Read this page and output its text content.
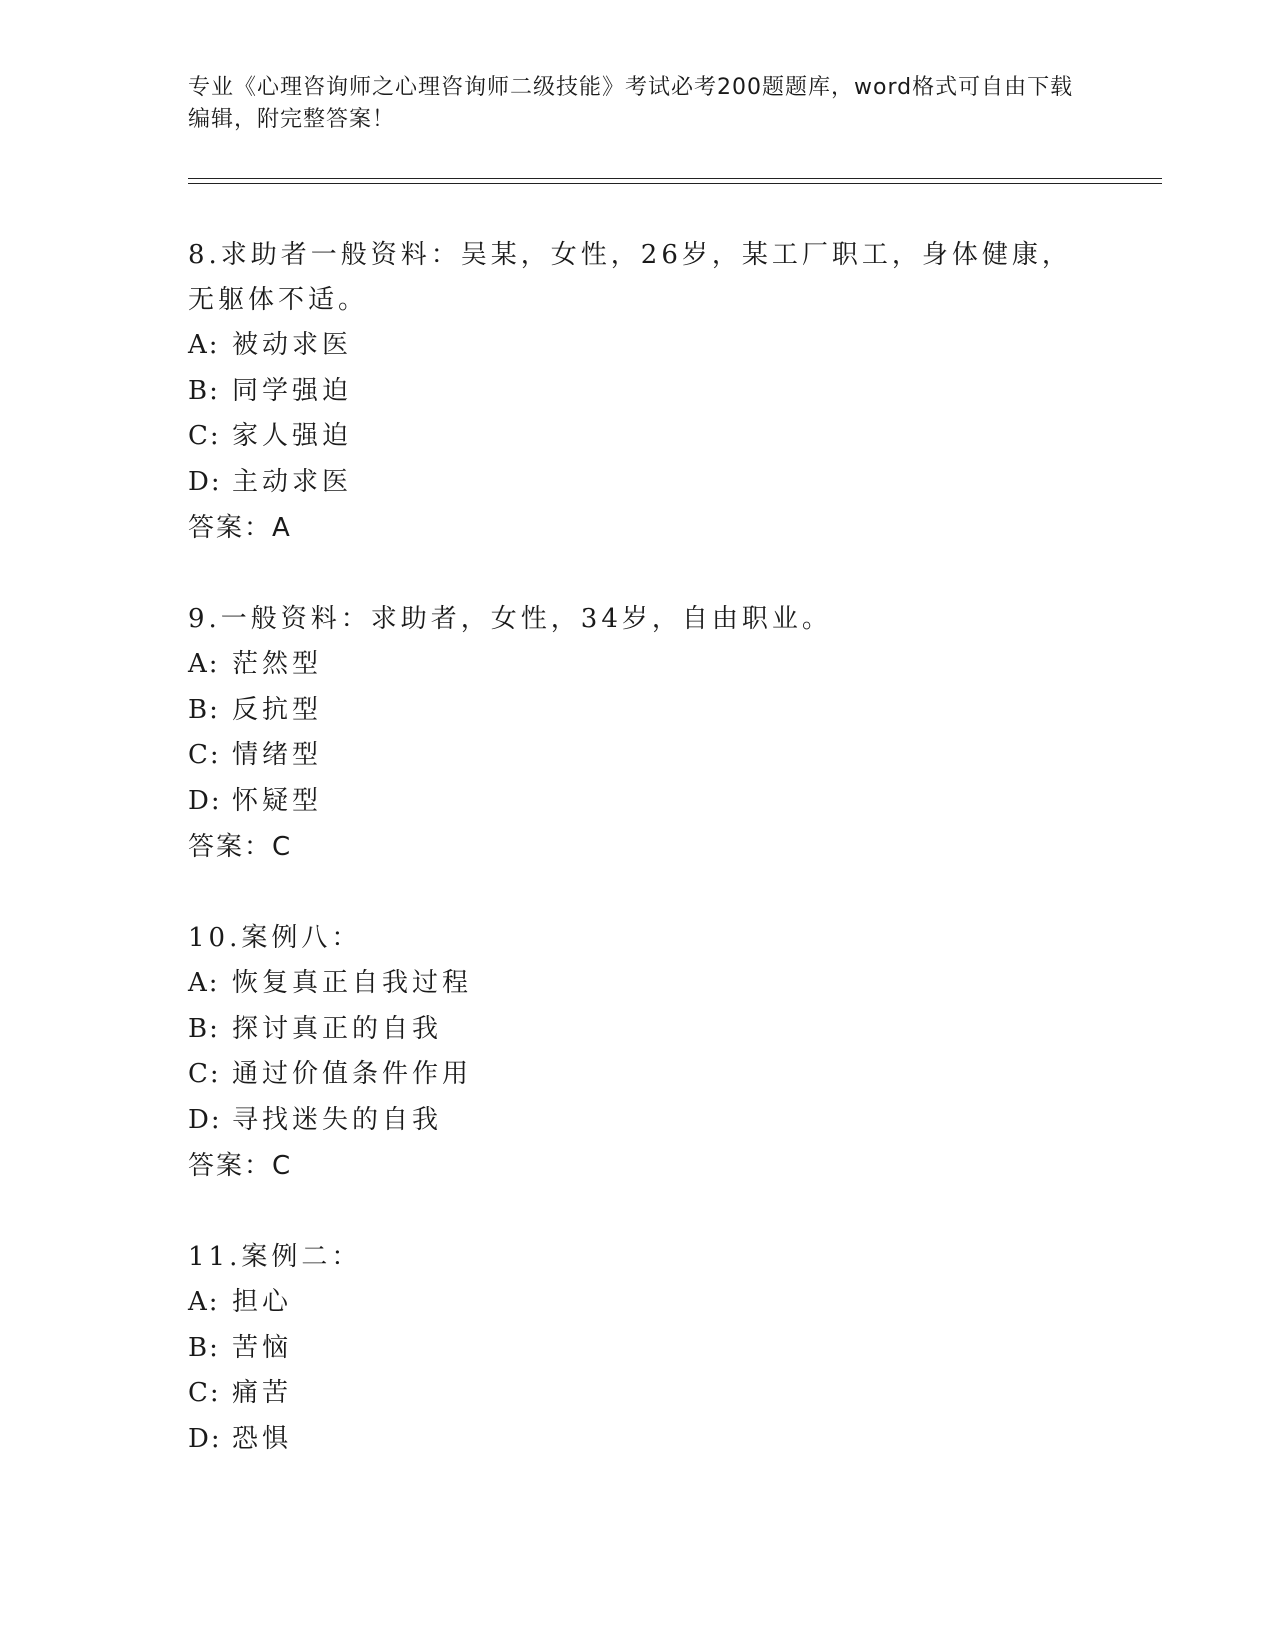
专业《心理咨询师之心理咨询师二级技能》考试必考200题题库，word格式可自由下载编辑，附完整答案！
8.求助者一般资料：吴某，女性，26岁，某工厂职工，身体健康，无躯体不适。
A: 被动求医
B: 同学强迫
C: 家人强迫
D: 主动求医
答案：A
9.一般资料：求助者，女性，34岁，自由职业。
A: 茫然型
B: 反抗型
C: 情绪型
D: 怀疑型
答案：C
10.案例八：
A: 恢复真正自我过程
B: 探讨真正的自我
C: 通过价值条件作用
D: 寻找迷失的自我
答案：C
11.案例二：
A: 担心
B: 苦恼
C: 痛苦
D: 恐惧
